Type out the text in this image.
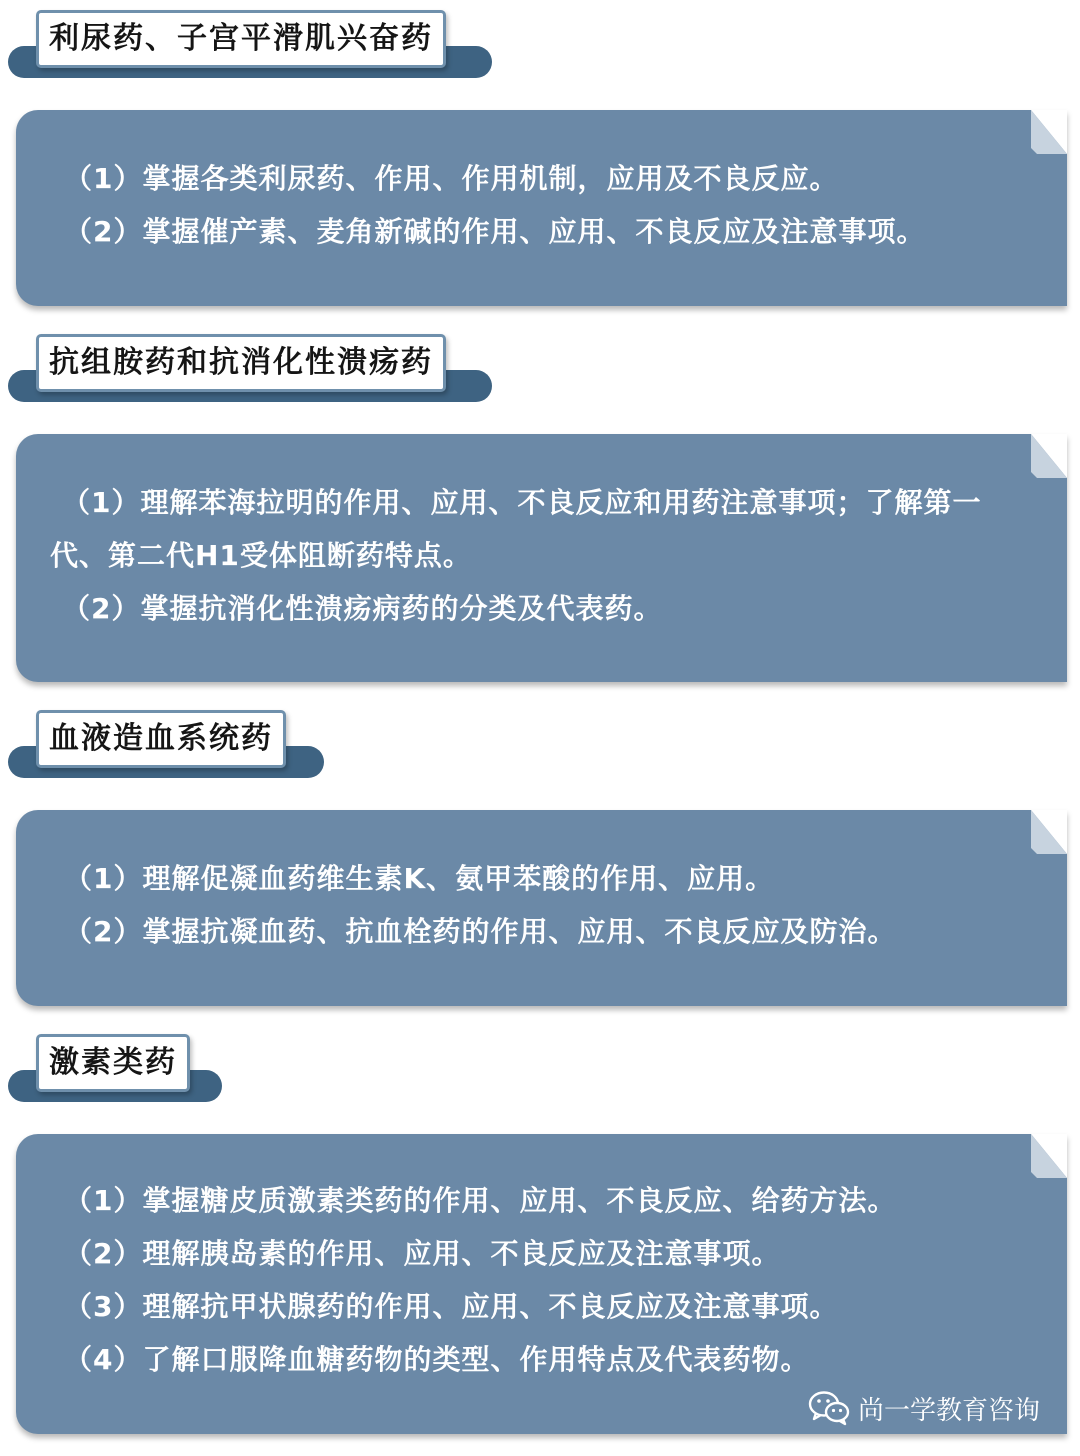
利尿药、子宫平滑肌兴奋药

（1）掌握各类利尿药、作用、作用机制，应用及不良反应。

（2）掌握催产素、麦角新碱的作用、应用、不良反应及注意事项。

抗组胺药和抗消化性溃疡药

（1）理解苯海拉明的作用、应用、不良反应和用药注意事项；了解第一代、第二代H1受体阻断药特点。

（2）掌握抗消化性溃疡病药的分类及代表药。

血液造血系统药

（1）理解促凝血药维生素K、氨甲苯酸的作用、应用。

（2）掌握抗凝血药、抗血栓药的作用、应用、不良反应及防治。

激素类药

（1）掌握糖皮质激素类药的作用、应用、不良反应、给药方法。

（2）理解胰岛素的作用、应用、不良反应及注意事项。

（3）理解抗甲状腺药的作用、应用、不良反应及注意事项。

（4）了解口服降血糖药物的类型、作用特点及代表药物。

尚一学教育咨询
